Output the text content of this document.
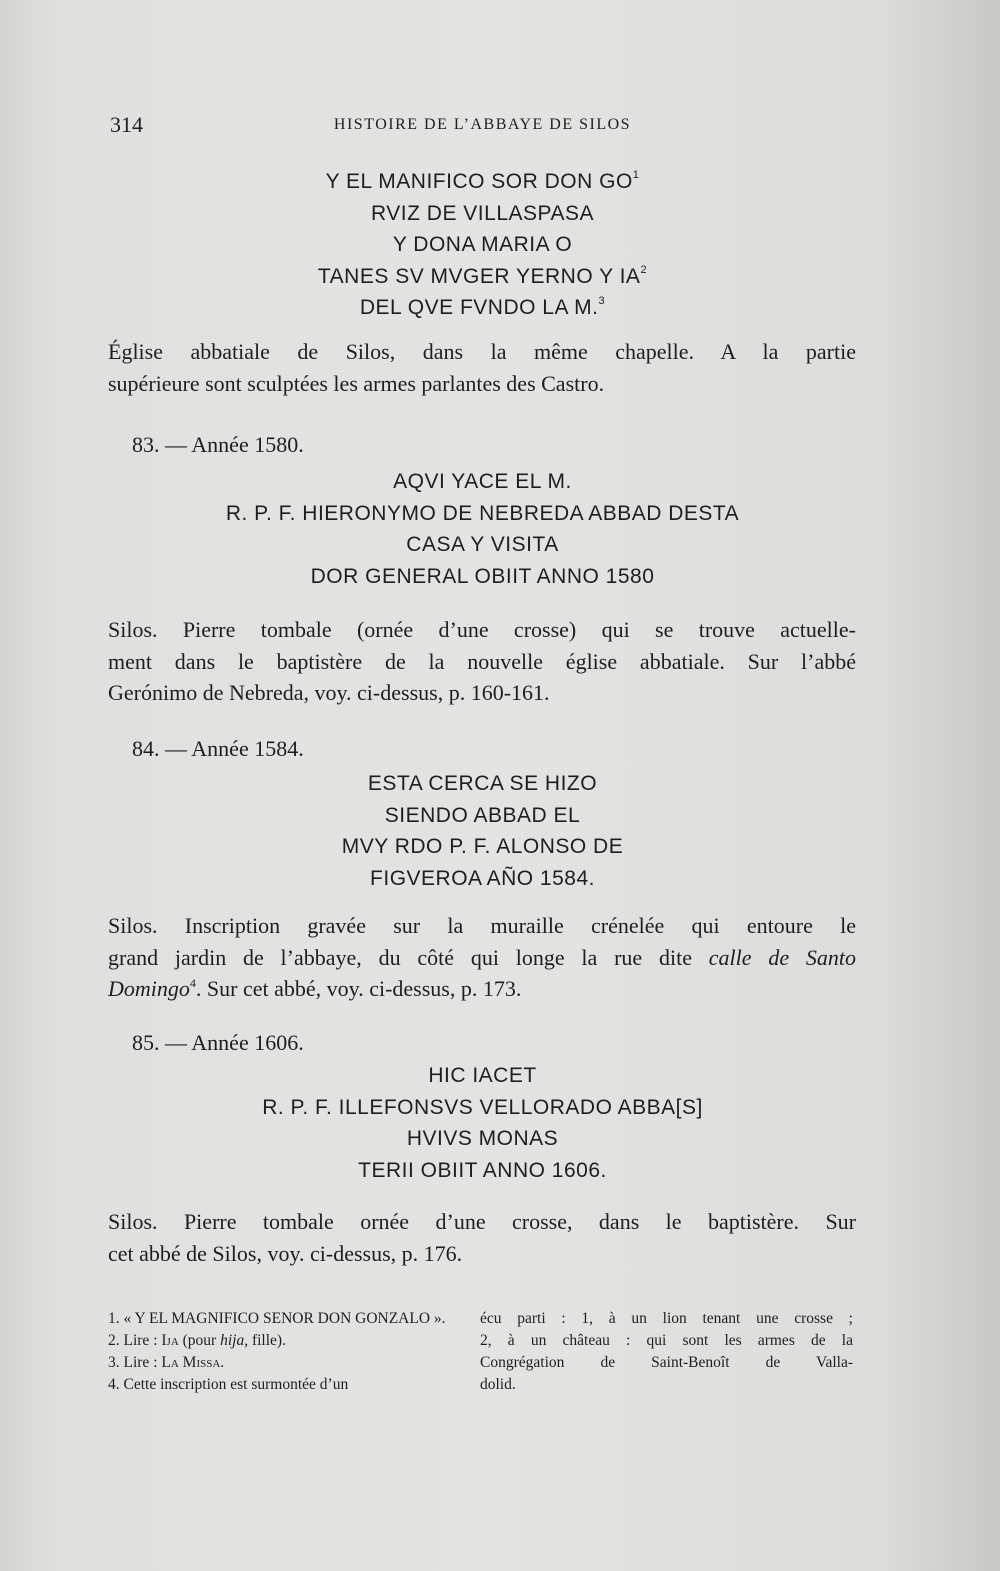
314	HISTOIRE DE L’ABBAYE DE SILOS
Y EL MANIFICO SOR DON $GO^1$
RVIZ DE VILLASPASA
Y DONA MARIA O
TANES SV MVGER YERNO Y $IA^2$
DEL QVE FVNDO LA M.$^3$
Église abbatiale de Silos, dans la même chapelle. A la partie
supérieure sont sculptées les armes parlantes des Castro.
83. — Année 1580.
AQVI YACE EL M.
R. P. F. HIERONYMO DE NEBREDA ABBAD DESTA
CASA Y VISITA
DOR GENERAL OBIIT ANNO 1580
Silos. Pierre tombale (ornée d’une crosse) qui se trouve actuelle-
ment dans le baptistère de la nouvelle église abbatiale. Sur l’abbé
Gerónimo de Nebreda, voy. ci-dessus, p. 160-161.
84. — Année 1584.
ESTA CERCA SE HIZO
SIENDO ABBAD EL
MVY RDO P. F. ALONSO DE
FIGVEROA AÑO 1584.
Silos. Inscription gravée sur la muraille crénelée qui entoure le
grand jardin de l’abbaye, du côté qui longe la rue dite calle de Santo
Domingo$^4$. Sur cet abbé, voy. ci-dessus, p. 173.
85. — Année 1606.
HIC IACET
R. P. F. ILLEFONSVS VELLORADO ABBA[S]
HVIVS MONAS
TERII OBIIT ANNO 1606.
Silos. Pierre tombale ornée d’une crosse, dans le baptistère. Sur
cet abbé de Silos, voy. ci-dessus, p. 176.
1. « Y EL MAGNIFICO SENOR DON GONZALO ».
2. Lire : Ija (pour hija, fille).
3. Lire : La Missa.
4. Cette inscription est surmontée d’un
écu parti : 1, à un lion tenant une crosse ;
2, à un château : qui sont les armes de la
Congrégation de Saint-Benoît de Valla-
dolid.
